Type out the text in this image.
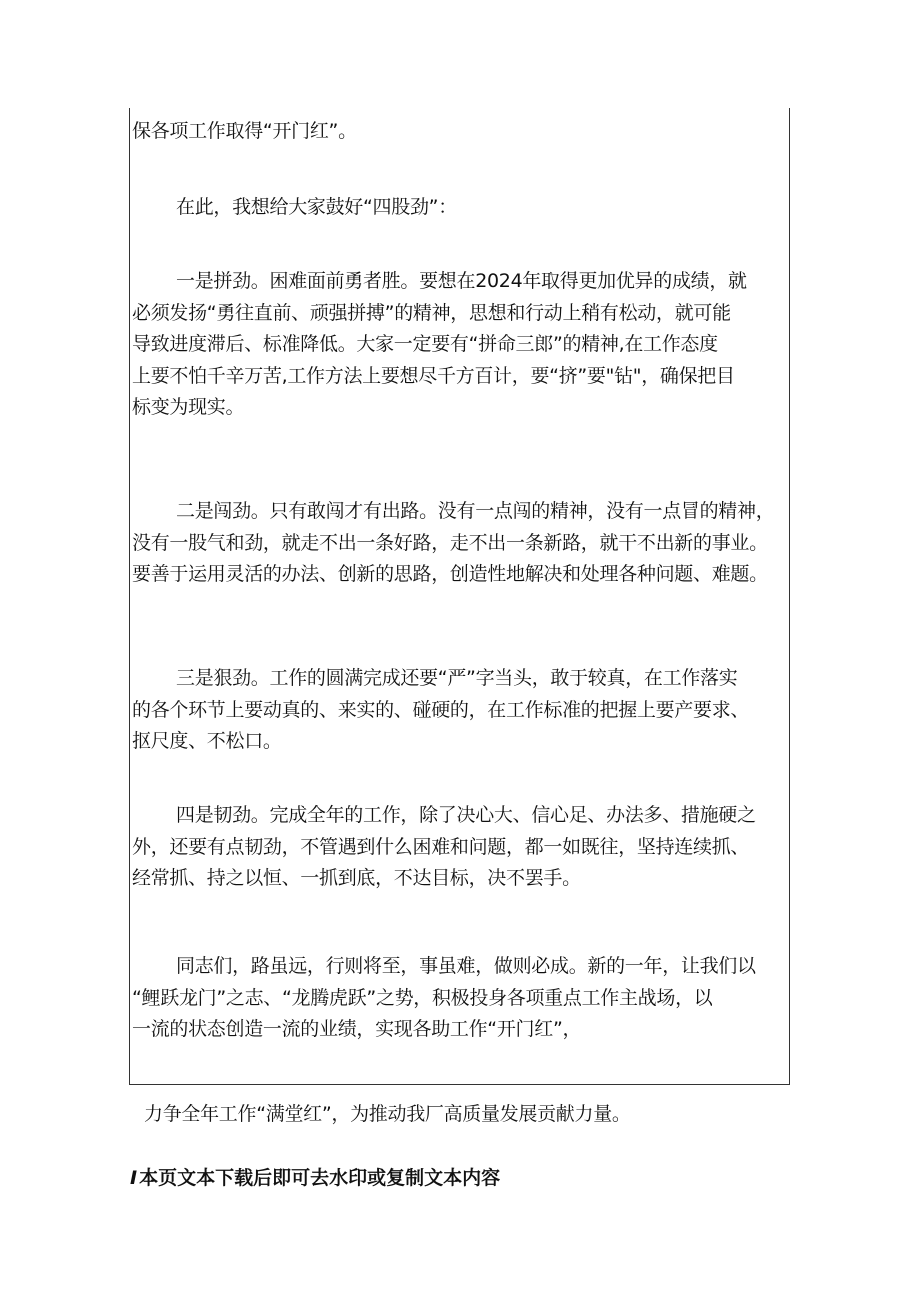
保各项工作取得“开门红”。

在此，我想给大家鼓好“四股劲”：

一是拼劲。困难面前勇者胜。要想在2024年取得更加优异的成绩，就
必须发扬“勇往直前、顽强拼搏”的精神，思想和行动上稍有松动，就可能
导致进度滞后、标准降低。大家一定要有“拼命三郎”的精神,在工作态度
上要不怕千辛万苦,工作方法上要想尽千方百计，要“挤”要"钻"，确保把目
标变为现实。

二是闯劲。只有敢闯才有出路。没有一点闯的精神，没有一点冒的精神，
没有一股气和劲，就走不出一条好路，走不出一条新路，就干不出新的事业。
要善于运用灵活的办法、创新的思路，创造性地解决和处理各种问题、难题。

三是狠劲。工作的圆满完成还要“严”字当头，敢于较真，在工作落实
的各个环节上要动真的、来实的、碰硬的，在工作标准的把握上要产要求、
抠尺度、不松口。

四是韧劲。完成全年的工作，除了决心大、信心足、办法多、措施硬之
外，还要有点韧劲，不管遇到什么困难和问题，都一如既往，坚持连续抓、
经常抓、持之以恒、一抓到底，不达目标，决不罢手。

同志们，路虽远，行则将至，事虽难，做则必成。新的一年，让我们以
“鲤跃龙门”之志、“龙腾虎跃”之势，积极投身各项重点工作主战场，以
一流的状态创造一流的业绩，实现各助工作“开门红”，

力争全年工作“满堂红”，为推动我厂高质量发展贡献力量。
I 本页文本下载后即可去水印或复制文本内容
